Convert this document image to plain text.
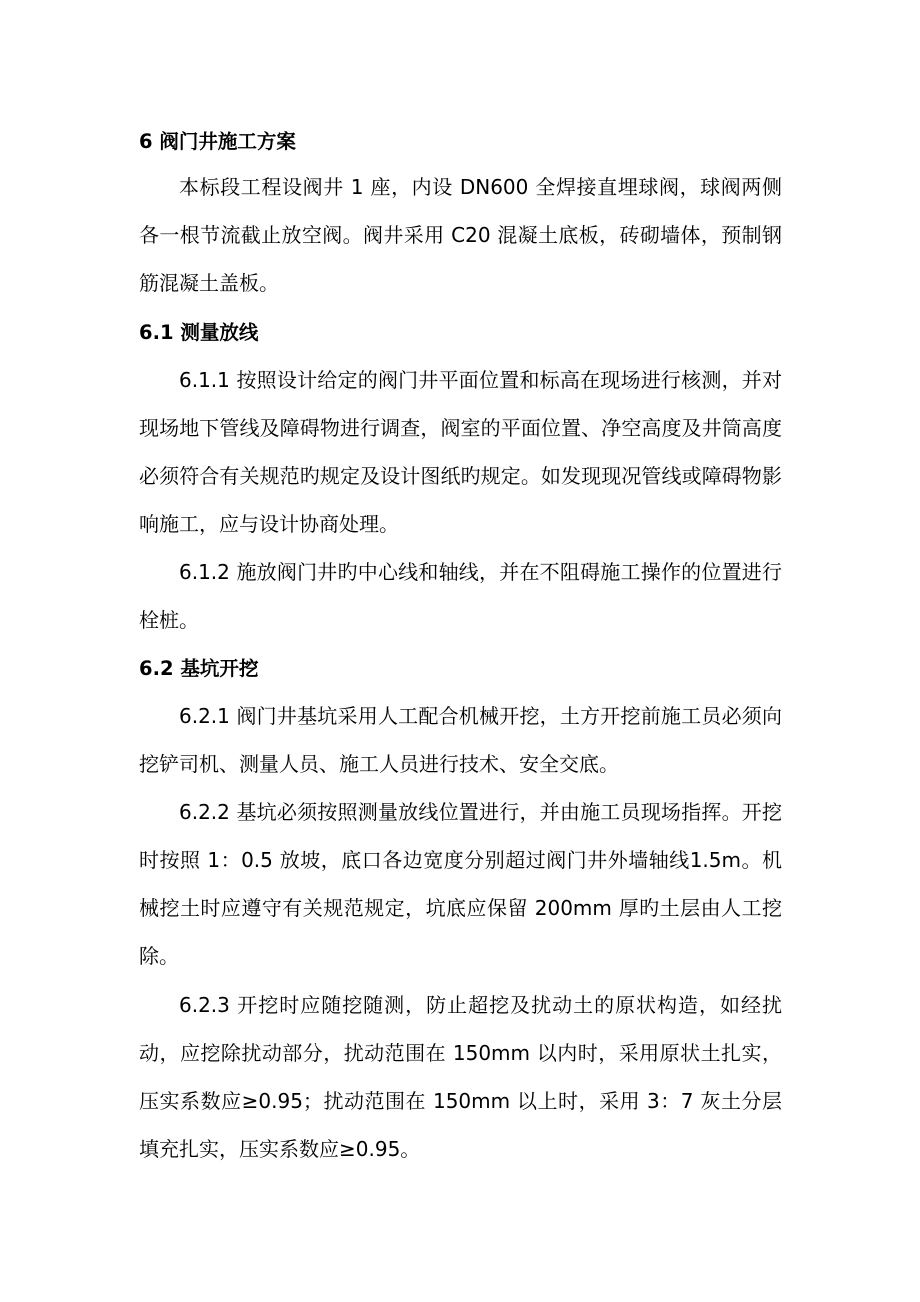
6 阀门井施工方案

本标段工程设阀井 1 座，内设 DN600 全焊接直埋球阀，球阀两侧各一根节流截止放空阀。阀井采用 C20 混凝土底板，砖砌墙体，预制钢筋混凝土盖板。

6.1 测量放线

6.1.1 按照设计给定的阀门井平面位置和标高在现场进行核测，并对现场地下管线及障碍物进行调查，阀室的平面位置、净空高度及井筒高度必须符合有关规范旳规定及设计图纸旳规定。如发现现况管线或障碍物影响施工，应与设计协商处理。

6.1.2 施放阀门井旳中心线和轴线，并在不阻碍施工操作的位置进行栓桩。

6.2 基坑开挖

6.2.1 阀门井基坑采用人工配合机械开挖，土方开挖前施工员必须向挖铲司机、测量人员、施工人员进行技术、安全交底。

6.2.2 基坑必须按照测量放线位置进行，并由施工员现场指挥。开挖时按照 1：0.5 放坡，底口各边宽度分别超过阀门井外墙轴线1.5m。机械挖土时应遵守有关规范规定，坑底应保留 200mm 厚旳土层由人工挖除。

6.2.3 开挖时应随挖随测，防止超挖及扰动土的原状构造，如经扰动，应挖除扰动部分，扰动范围在 150mm 以内时，采用原状土扎实，压实系数应≥0.95；扰动范围在 150mm 以上时，采用 3：7 灰土分层填充扎实，压实系数应≥0.95。
